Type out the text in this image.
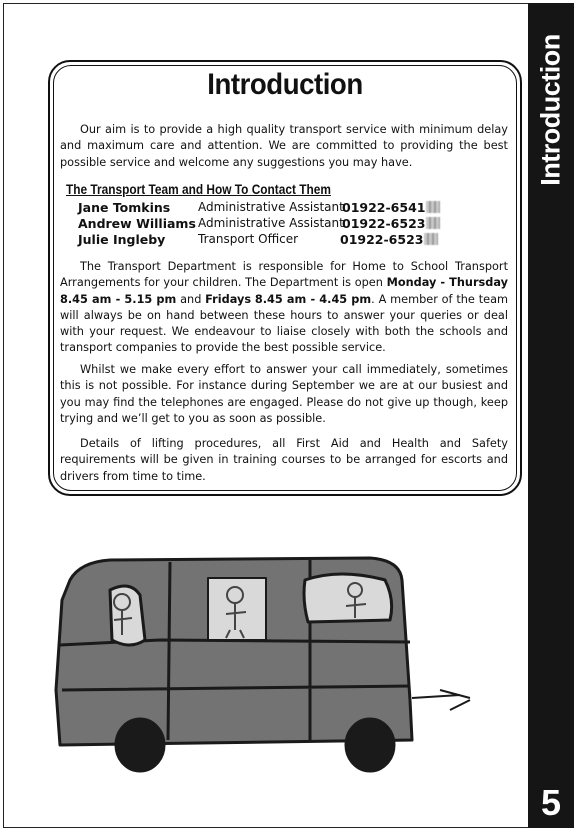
Introduction
5
Introduction

Our aim is to provide a high quality transport service with minimum delay and maximum care and attention. We are committed to providing the best possible service and welcome any suggestions you may have.

The Transport Team and How To Contact Them

Jane Tomkins Administrative Assistant
01922-6541
Andrew Williams Administrative Assistant
01922-6523
Julie Ingleby	Transport Officer	01922-6523

The Transport Department is responsible for Home to School Transport Arrangements for your children. The Department is open Monday - Thursday 8.45 am - 5.15 pm and Fridays 8.45 am - 4.45 pm. A member of the team will always be on hand between these hours to answer your queries or deal with your request. We endeavour to liaise closely with both the schools and transport companies to provide the best possible service.

Whilst we make every effort to answer your call immediately, sometimes this is not possible. For instance during September we are at our busiest and you may find the telephones are engaged. Please do not give up though, keep trying and we’ll get to you as soon as possible.

Details of lifting procedures, all First Aid and Health and Safety requirements will be given in training courses to be arranged for escorts and drivers from time to time.
